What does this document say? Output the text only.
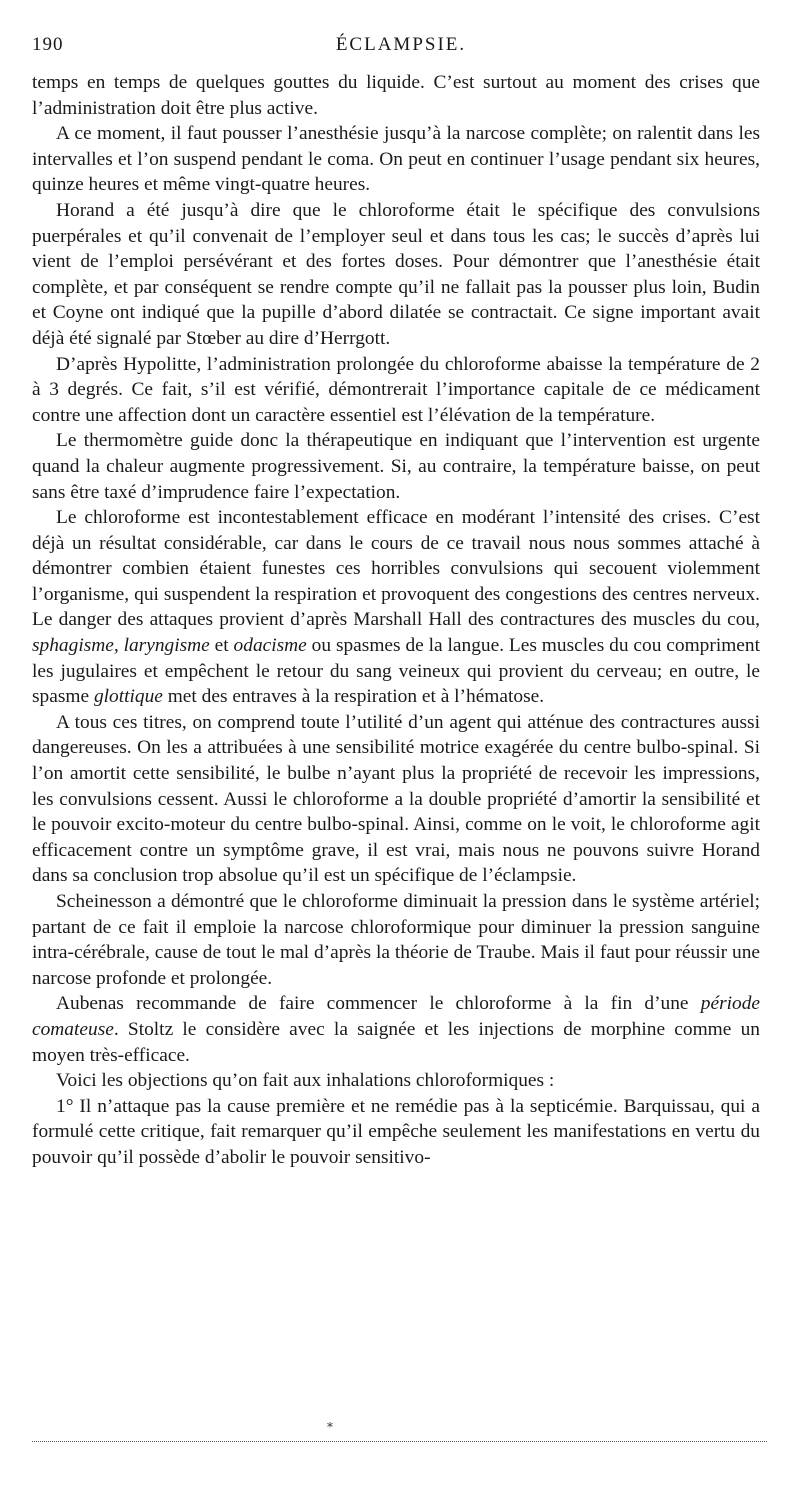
190	ÉCLAMPSIE.

temps en temps de quelques gouttes du liquide. C’est surtout au moment des crises que l’administration doit être plus active.

A ce moment, il faut pousser l’anesthésie jusqu’à la narcose complète; on ralentit dans les intervalles et l’on suspend pendant le coma. On peut en continuer l’usage pendant six heures, quinze heures et même vingt-quatre heures.

Horand a été jusqu’à dire que le chloroforme était le spécifique des convulsions puerpérales et qu’il convenait de l’employer seul et dans tous les cas; le succès d’après lui vient de l’emploi persévérant et des fortes doses. Pour démontrer que l’anesthésie était complète, et par conséquent se rendre compte qu’il ne fallait pas la pousser plus loin, Budin et Coyne ont indiqué que la pupille d’abord dilatée se contractait. Ce signe important avait déjà été signalé par Stœber au dire d’Herrgott.

D’après Hypolitte, l’administration prolongée du chloroforme abaisse la température de 2 à 3 degrés. Ce fait, s’il est vérifié, démontrerait l’importance capitale de ce médicament contre une affection dont un caractère essentiel est l’élévation de la température.

Le thermomètre guide donc la thérapeutique en indiquant que l’intervention est urgente quand la chaleur augmente progressivement. Si, au contraire, la température baisse, on peut sans être taxé d’imprudence faire l’expectation.

Le chloroforme est incontestablement efficace en modérant l’intensité des crises. C’est déjà un résultat considérable, car dans le cours de ce travail nous nous sommes attaché à démontrer combien étaient funestes ces horribles convulsions qui secouent violemment l’organisme, qui suspendent la respiration et provoquent des congestions des centres nerveux. Le danger des attaques provient d’après Marshall Hall des contractures des muscles du cou, sphagisme, laryngisme et odacisme ou spasmes de la langue. Les muscles du cou compriment les jugulaires et empêchent le retour du sang veineux qui provient du cerveau; en outre, le spasme glottique met des entraves à la respiration et à l’hématose.

A tous ces titres, on comprend toute l’utilité d’un agent qui atténue des contractures aussi dangereuses. On les a attribuées à une sensibilité motrice exagérée du centre bulbo-spinal. Si l’on amortit cette sensibilité, le bulbe n’ayant plus la propriété de recevoir les impressions, les convulsions cessent. Aussi le chloroforme a la double propriété d’amortir la sensibilité et le pouvoir excito-moteur du centre bulbo-spinal. Ainsi, comme on le voit, le chloroforme agit efficacement contre un symptôme grave, il est vrai, mais nous ne pouvons suivre Horand dans sa conclusion trop absolue qu’il est un spécifique de l’éclampsie.

Scheinesson a démontré que le chloroforme diminuait la pression dans le système artériel; partant de ce fait il emploie la narcose chloroformique pour diminuer la pression sanguine intra-cérébrale, cause de tout le mal d’après la théorie de Traube. Mais il faut pour réussir une narcose profonde et prolongée.

Aubenas recommande de faire commencer le chloroforme à la fin d’une période comateuse. Stoltz le considère avec la saignée et les injections de morphine comme un moyen très-efficace.

Voici les objections qu’on fait aux inhalations chloroformiques :

1° Il n’attaque pas la cause première et ne remédie pas à la septicémie. Barquissau, qui a formulé cette critique, fait remarquer qu’il empêche seulement les manifestations en vertu du pouvoir qu’il possède d’abolir le pouvoir sensitivo-

*
